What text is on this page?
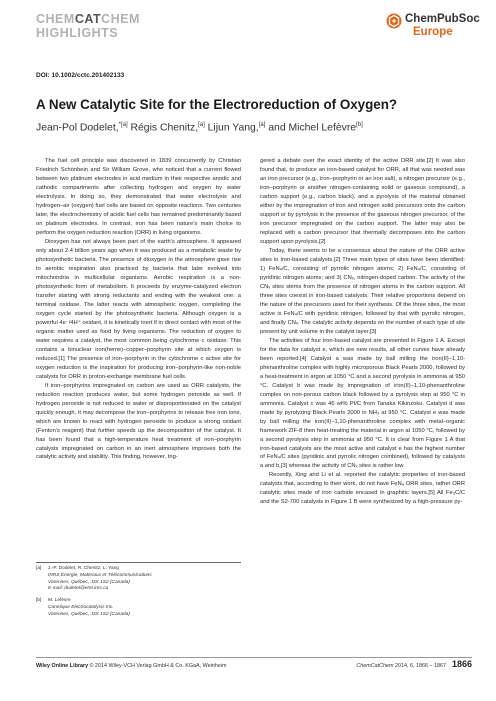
CHEMCATCHEM
HIGHLIGHTS
ChemPubSoc
Europe
DOI: 10.1002/cctc.201402133
A New Catalytic Site for the Electroreduction of Oxygen?
Jean-Pol Dodelet,$^{*[a]}$ Régis Chenitz,[a] Lijun Yang,[a] and Michel Lefèvre[b]

The fuel cell principle was discovered in 1839 concurrently by Christian Friedrich Schönbein and Sir William Grove, who noticed that a current flowed between two platinum electrodes in acid medium in their respective anodic and cathodic compartments after collecting hydrogen and oxygen by water electrolysis. In doing so, they demonstrated that water electrolysis and hydrogen–air (oxygen) fuel cells are based on opposite reactions. Two centuries later, the electrochemistry of acidic fuel cells has remained predominantly based on platinum electrodes. In contrast, iron has been nature’s main choice to perform the oxygen reduction reaction (ORR) in living organisms.

Dioxygen has not always been part of the earth’s atmosphere. It appeared only about 2.4 billion years ago when it was produced as a metabolic waste by photosynthetic bacteria. The presence of dioxygen in the atmosphere gave rise to aerobic respiration also practiced by bacteria that later evolved into mitochondria in multicellular organisms. Aerobic respiration is a non-photosynthetic form of metabolism. It proceeds by enzyme-catalyzed electron transfer starting with strong reductants and ending with the weakest one: a terminal oxidase. The latter reacts with atmospheric oxygen, completing the oxygen cycle started by the photosynthetic bacteria. Although oxygen is a powerful 4e⁻/4H⁺ oxidant, it is kinetically inert if in direct contact with most of the organic matter used as food by living organisms. The reduction of oxygen to water requires a catalyst, the most common being cytochrome c oxidase. This contains a binuclear iron(heme)–copper–porphyrin site at which oxygen is reduced.[1] The presence of iron–porphyrin in the cytochrome c active site for oxygen reduction is the inspiration for producing iron–porphyrin-like non-noble catalysts for ORR in proton-exchange membrane fuel cells.

If iron–porphyrins impregnated on carbon are used as ORR catalysts, the reduction reaction produces water, but some hydrogen peroxide as well. If hydrogen peroxide is not reduced to water or disproportionated on the catalyst quickly enough, it may decompose the iron–porphyrins to release free iron ions, which are known to react with hydrogen peroxide to produce a strong oxidant (Fenton’s reagent) that further speeds up the decomposition of the catalyst. It has been found that a high-temperature heat treatment of iron–porphyrin catalysts impregnated on carbon in an inert atmosphere improves both the catalytic activity and stability. This finding, however, trig-

gered a debate over the exact identity of the active ORR site.[2] It was also found that, to produce an iron-based catalyst for ORR, all that was needed was an iron precursor (e.g., iron–porphyrin or an iron salt), a nitrogen precursor (e.g., iron–porphyrin or another nitrogen-containing solid or gaseous compound), a carbon support (e.g., carbon black), and a pyrolysis of the material obtained either by the impregnation of iron and nitrogen solid precursors onto the carbon support or by pyrolysis in the presence of the gaseous nitrogen precursor, of the iron precursor impregnated on the carbon support. The latter may also be replaced with a carbon precursor that thermally decomposes into the carbon support upon pyrolysis.[2]

Today, there seems to be a consensus about the nature of the ORR active sites in iron-based catalysts.[2] Three main types of sites have been identified: 1) FeN₄/C, consisting of pyrrolic nitrogen atoms; 2) FeN₄/C, consisting of pyridinic nitrogen atoms; and 3) CNₓ, nitrogen-doped carbon. The activity of the CNₓ sites stems from the presence of nitrogen atoms in the carbon support. All three sites coexist in iron-based catalysts. Their relative proportions depend on the nature of the precursors used for their synthesis. Of the three sites, the most active is FeN₄/C with pyridinic nitrogen, followed by that with pyrrolic nitrogen, and finally CNₓ. The catalytic activity depends on the number of each type of site present by unit volume in the catalyst layer.[3]

The activities of four iron-based catalyst are presented in Figure 1 A. Except for the data for catalyst e, which are new results, all other curves have already been reported.[4] Catalyst a was made by ball milling the iron(II)–1,10-phenanthroline complex with highly microporous Black Pearls 2000, followed by a heat-treatment in argon at 1050 °C and a second pyrolysis in ammonia at 950 °C. Catalyst b was made by impregnation of iron(II)–1,10-phenanthroline complex on non-porous carbon black followed by a pyrolysis step at 950 °C in ammonia. Catalyst c was 46 wt% Pt/C from Tanaka Kikinzoku. Catalyst d was made by pyrolyzing Black Pearls 2000 in NH₃ at 950 °C. Catalyst e was made by ball milling the iron(II)–1,10-phenanthroline complex with metal–organic framework ZIF-8 then heat-treating the material in argon at 1050 °C, followed by a second pyrolysis step in ammonia at 950 °C. It is clear from Figure 1 A that iron-based catalysts are the most active and catalyst e has the highest number of FeN₄/C sites (pyridinic and pyrrolic nitrogen combined), followed by catalysts a and b,[3] whereas the activity of CNₓ sites is rather low.

Recently, Xing and Li et al. reported the catalytic properties of iron-based catalysts that, according to their work, do not have FeN₄ ORR sites, rather ORR catalytic sites made of iron carbide encased in graphitic layers.[5] All Fe₃C/C and the S2-700 catalysts in Figure 1 B were synthesized by a high-pressure py-

[a]	J.-P. Dodelet, R. Chenitz, L. Yang
INRS Énergie, Matériaux et Télécommunications
Varennes, Québec, J3X 1S2 (Canada)
E-mail: dodelet@emt.inrs.ca
[b]	M. Lefèvre
Canetique Electrocatalysis Inc.
Varennes, Québec, J3X 1S2 (Canada)
Wiley Online Library © 2014 Wiley-VCH Verlag GmbH & Co. KGaA, Weinheim	ChemCatChem 2014, 6, 1866 – 1867 1866
